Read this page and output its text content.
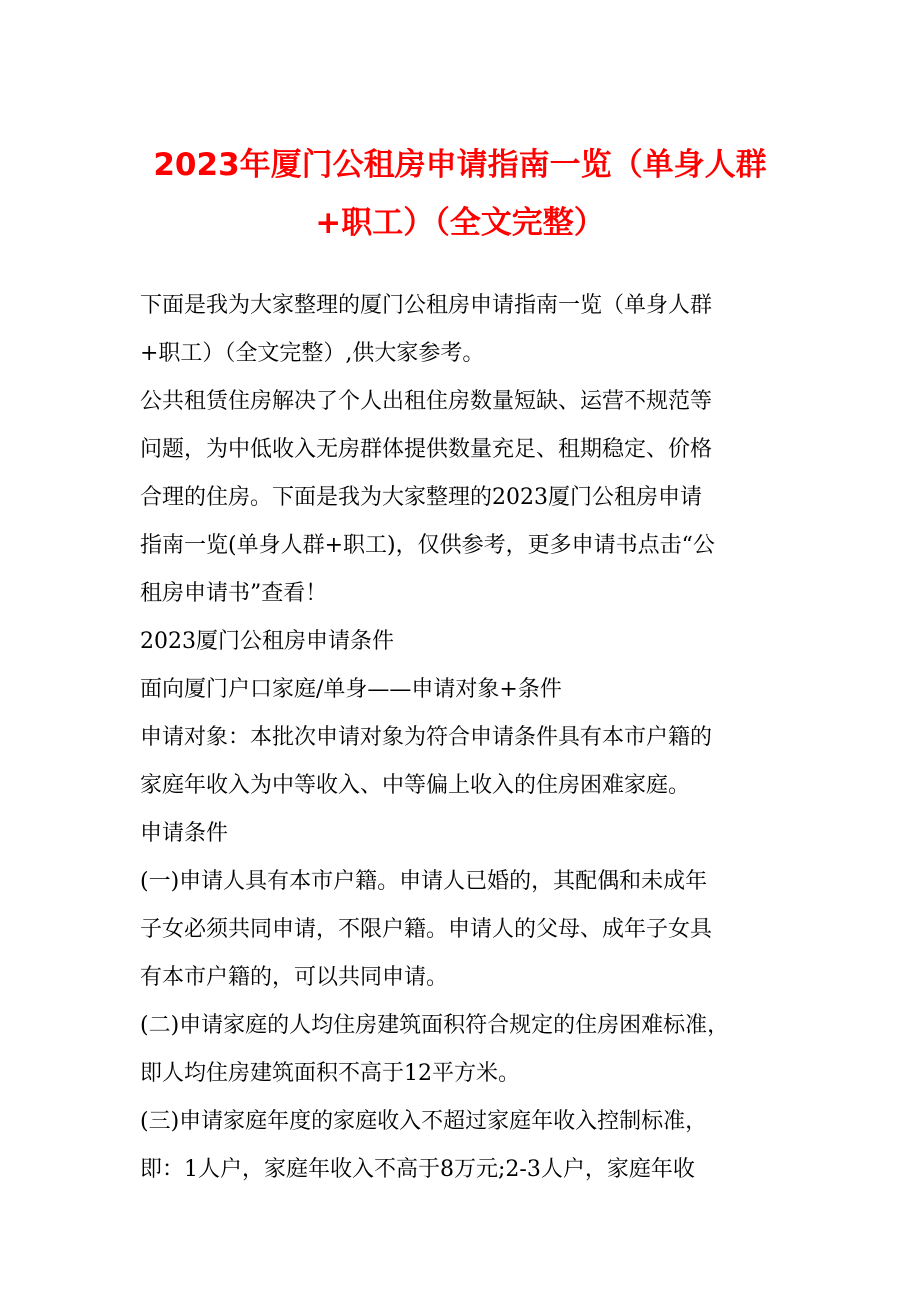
2023年厦门公租房申请指南一览（单身人群
+职工）（全文完整）
下面是我为大家整理的厦门公租房申请指南一览（单身人群
+职工）（全文完整）,供大家参考。
公共租赁住房解决了个人出租住房数量短缺、运营不规范等
问题，为中低收入无房群体提供数量充足、租期稳定、价格
合理的住房。下面是我为大家整理的2023厦门公租房申请
指南一览(单身人群+职工)，仅供参考，更多申请书点击“公
租房申请书”查看！
2023厦门公租房申请条件
面向厦门户口家庭/单身——申请对象+条件
申请对象：本批次申请对象为符合申请条件具有本市户籍的
家庭年收入为中等收入、中等偏上收入的住房困难家庭。
申请条件
(一)申请人具有本市户籍。申请人已婚的，其配偶和未成年
子女必须共同申请，不限户籍。申请人的父母、成年子女具
有本市户籍的，可以共同申请。
(二)申请家庭的人均住房建筑面积符合规定的住房困难标准，
即人均住房建筑面积不高于12平方米。
(三)申请家庭年度的家庭收入不超过家庭年收入控制标准，
即：1人户，家庭年收入不高于8万元;2-3人户，家庭年收
